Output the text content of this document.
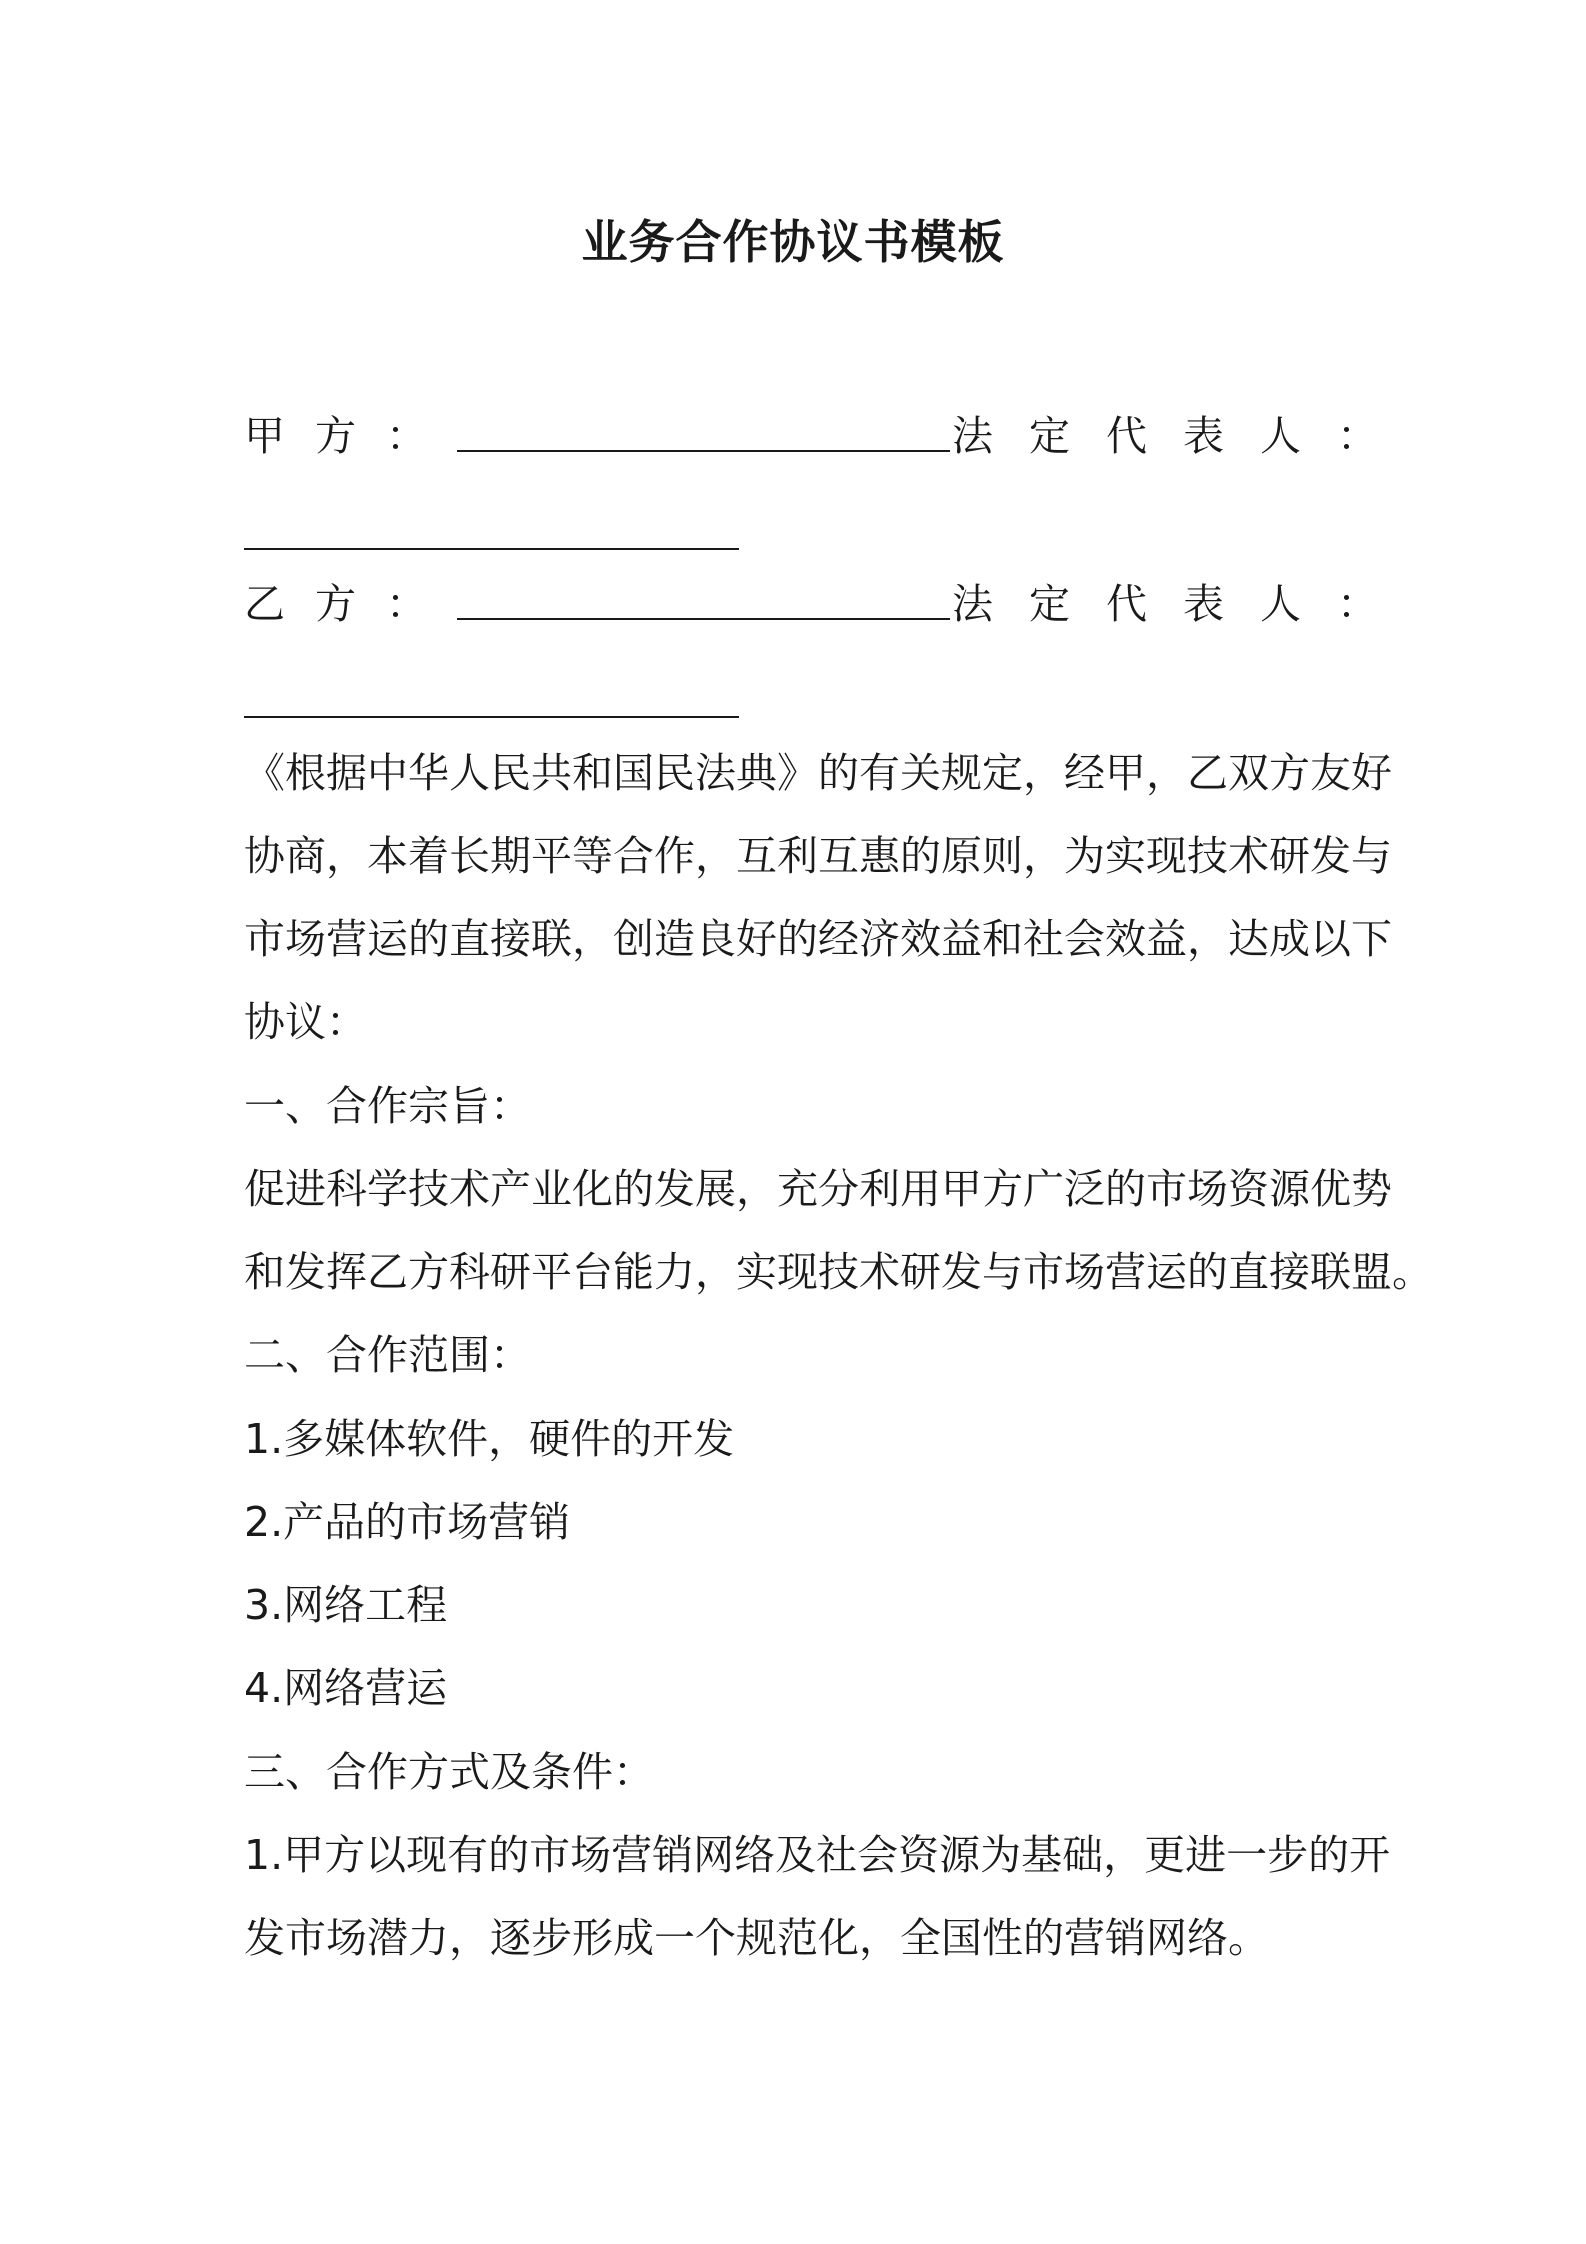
业务合作协议书模板
甲方：	法定代表人：
乙方：	法定代表人：
《根据中华人民共和国民法典》的有关规定，经甲，乙双方友好
协商，本着长期平等合作，互利互惠的原则，为实现技术研发与
市场营运的直接联，创造良好的经济效益和社会效益，达成以下
协议：
一、合作宗旨：
促进科学技术产业化的发展，充分利用甲方广泛的市场资源优势
和发挥乙方科研平台能力，实现技术研发与市场营运的直接联盟。
二、合作范围：
1.多媒体软件，硬件的开发
2.产品的市场营销
3.网络工程
4.网络营运
三、合作方式及条件：
1.甲方以现有的市场营销网络及社会资源为基础，更进一步的开
发市场潜力，逐步形成一个规范化，全国性的营销网络。
